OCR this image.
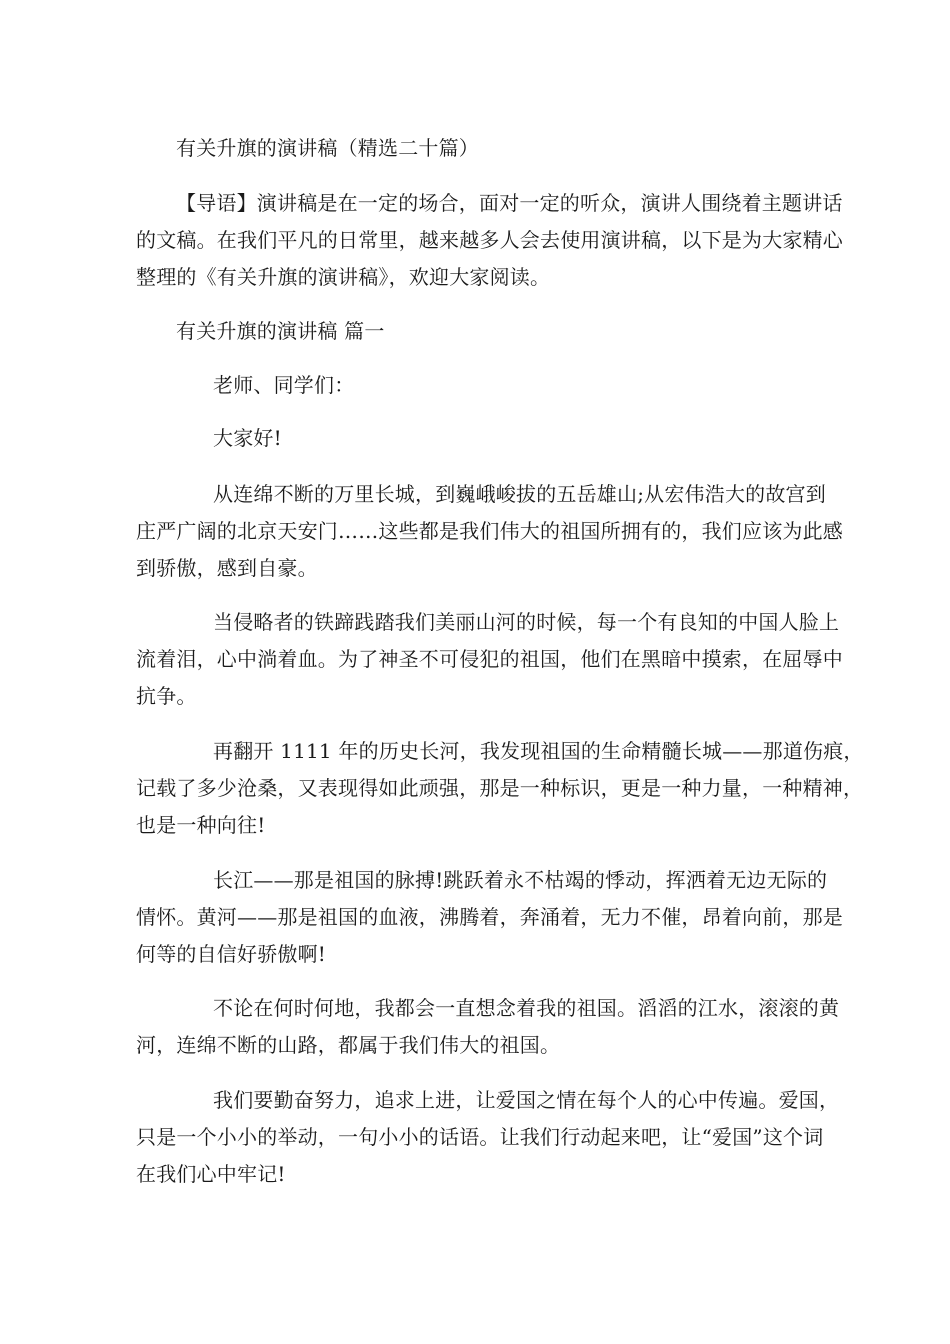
有关升旗的演讲稿（精选二十篇）
【导语】演讲稿是在一定的场合，面对一定的听众，演讲人围绕着主题讲话
的文稿。在我们平凡的日常里，越来越多人会去使用演讲稿，以下是为大家精心
整理的《有关升旗的演讲稿》，欢迎大家阅读。
有关升旗的演讲稿 篇一
老师、同学们：
大家好!
从连绵不断的万里长城，到巍峨峻拔的五岳雄山;从宏伟浩大的故宫到
庄严广阔的北京天安门……这些都是我们伟大的祖国所拥有的，我们应该为此感
到骄傲，感到自豪。
当侵略者的铁蹄践踏我们美丽山河的时候，每一个有良知的中国人脸上
流着泪，心中淌着血。为了神圣不可侵犯的祖国，他们在黑暗中摸索，在屈辱中
抗争。
再翻开 1111 年的历史长河，我发现祖国的生命精髓长城——那道伤痕，
记载了多少沧桑，又表现得如此顽强，那是一种标识，更是一种力量，一种精神，
也是一种向往!
长江——那是祖国的脉搏!跳跃着永不枯竭的悸动，挥洒着无边无际的
情怀。黄河——那是祖国的血液，沸腾着，奔涌着，无力不催，昂着向前，那是
何等的自信好骄傲啊!
不论在何时何地，我都会一直想念着我的祖国。滔滔的江水，滚滚的黄
河，连绵不断的山路，都属于我们伟大的祖国。
我们要勤奋努力，追求上进，让爱国之情在每个人的心中传遍。爱国，
只是一个小小的举动，一句小小的话语。让我们行动起来吧，让“爱国”这个词
在我们心中牢记!
